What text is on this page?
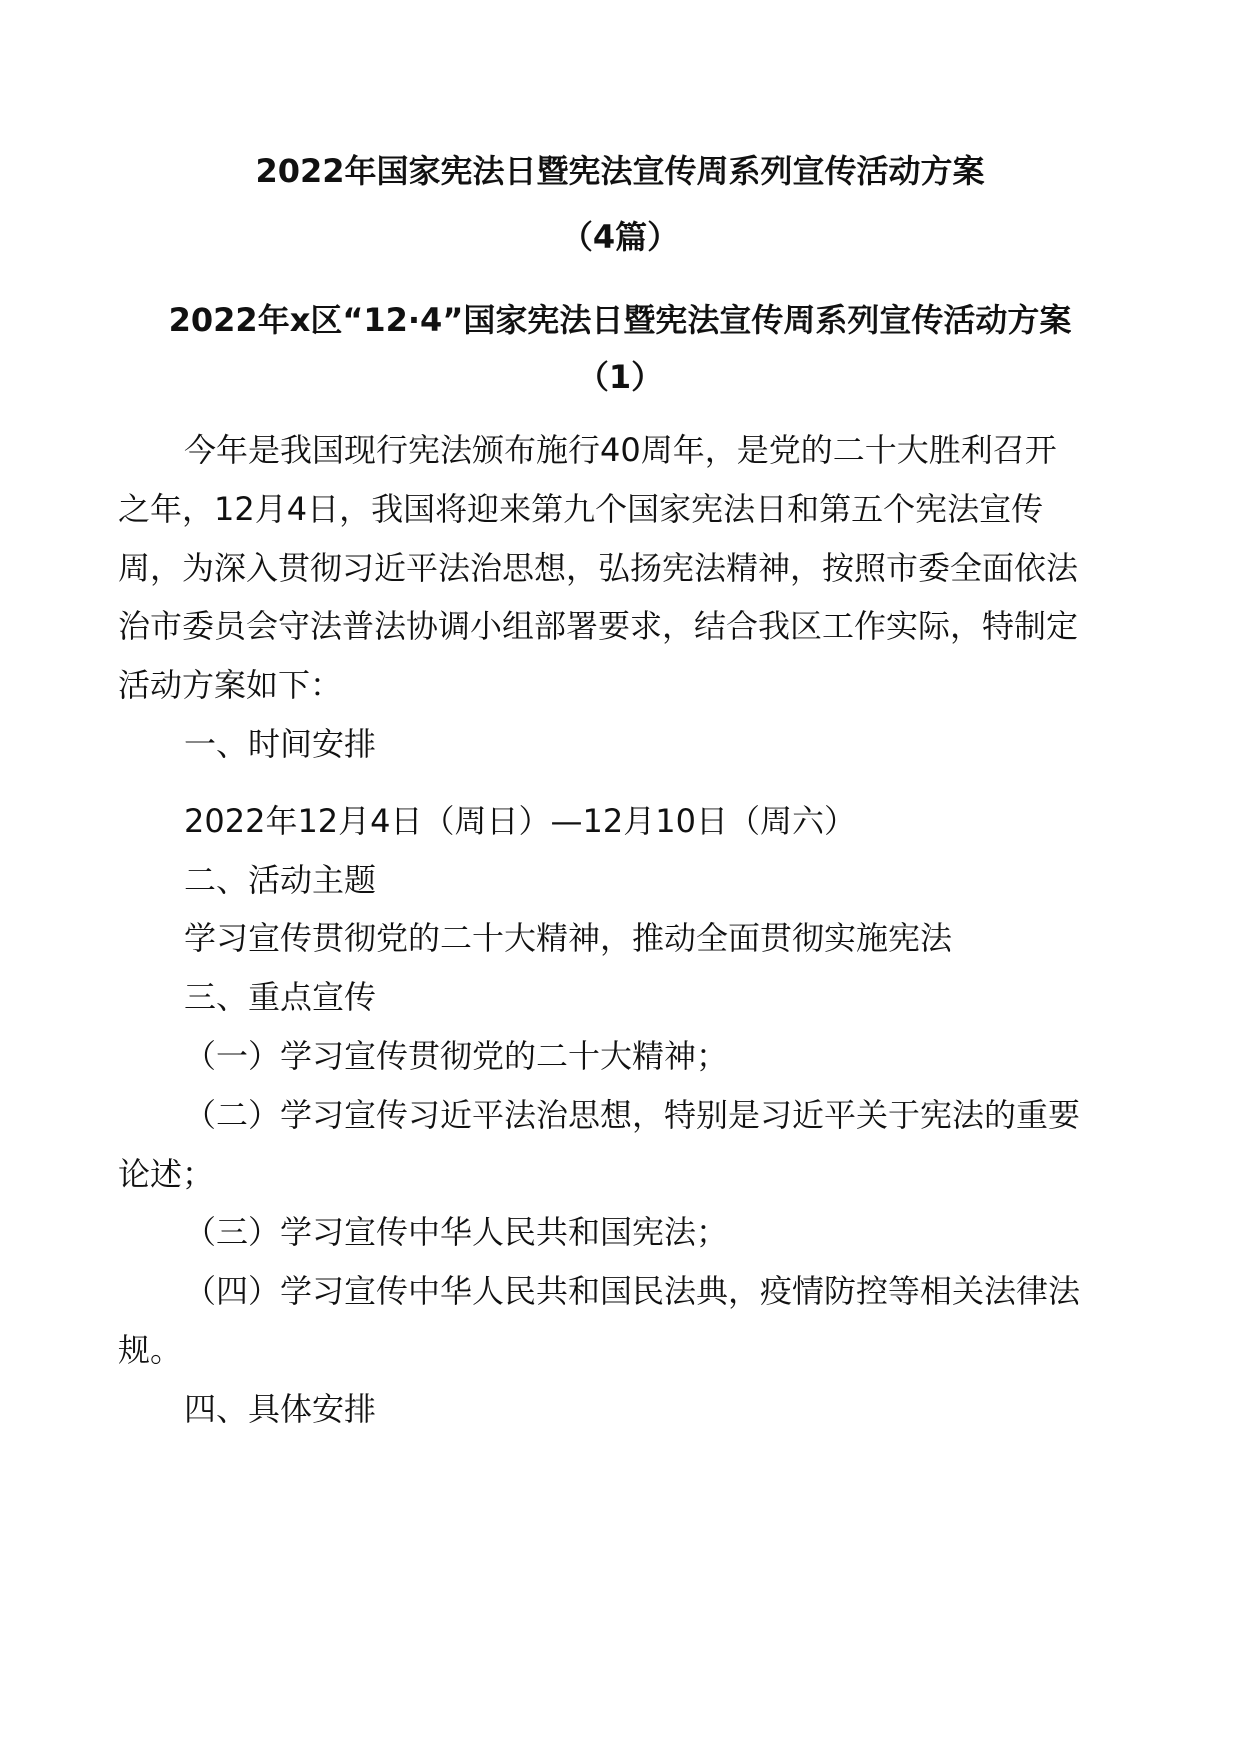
2022年国家宪法日暨宪法宣传周系列宣传活动方案
（4篇）
2022年x区“12·4”国家宪法日暨宪法宣传周系列宣传活动方案
（1）
今年是我国现行宪法颁布施行40周年，是党的二十大胜利召开
之年，12月4日，我国将迎来第九个国家宪法日和第五个宪法宣传
周，为深入贯彻习近平法治思想，弘扬宪法精神，按照市委全面依法
治市委员会守法普法协调小组部署要求，结合我区工作实际，特制定
活动方案如下：
一、时间安排
2022年12月4日（周日）—12月10日（周六）
二、活动主题
学习宣传贯彻党的二十大精神，推动全面贯彻实施宪法
三、重点宣传
（一）学习宣传贯彻党的二十大精神；
（二）学习宣传习近平法治思想，特别是习近平关于宪法的重要
论述；
（三）学习宣传中华人民共和国宪法；
（四）学习宣传中华人民共和国民法典，疫情防控等相关法律法
规。
四、具体安排
